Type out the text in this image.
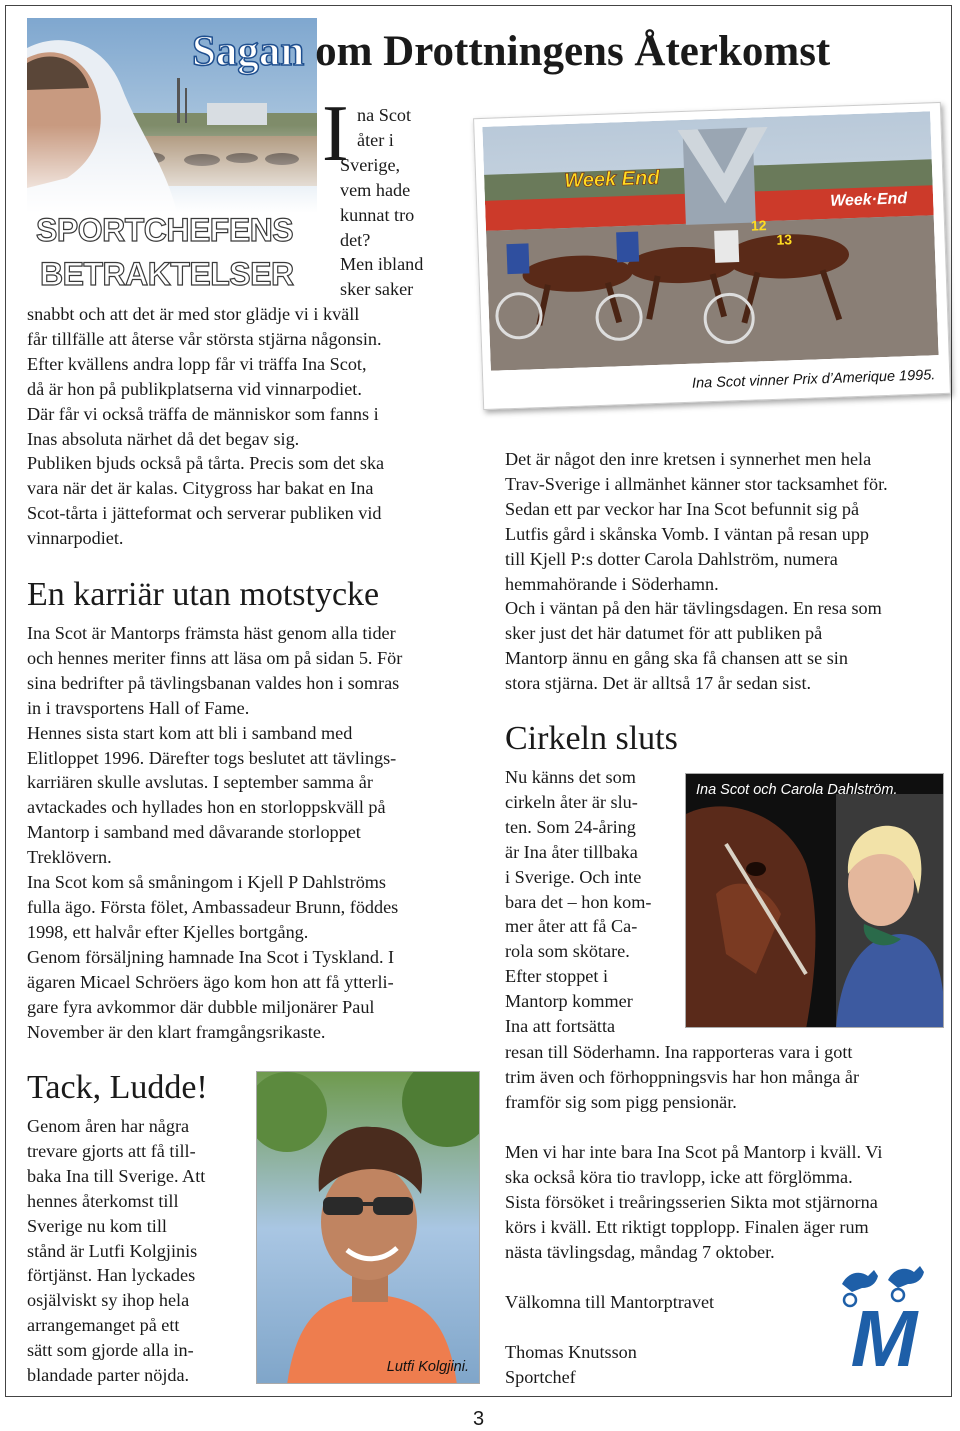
Sagan om Drottningens Återkomst
SPORTCHEFENS
BETRAKTELSER
I na Scot
åter i
Sverige,
vem hade
kunnat tro
det?
Men ibland
sker saker
snabbt och att det är med stor glädje vi i kväll
får tillfälle att återse vår största stjärna någonsin.
Efter kvällens andra lopp får vi träffa Ina Scot,
då är hon på publikplatserna vid vinnarpodiet.
Där får vi också träffa de människor som fanns i
Inas absoluta närhet då det begav sig.
Publiken bjuds också på tårta. Precis som det ska
vara när det är kalas. Citygross har bakat en Ina
Scot-tårta i jätteformat och serverar publiken vid
vinnarpodiet.
En karriär utan motstycke
Ina Scot är Mantorps främsta häst genom alla tider
och hennes meriter finns att läsa om på sidan 5. För
sina bedrifter på tävlingsbanan valdes hon i somras
in i travsportens Hall of Fame.
Hennes sista start kom att bli i samband med
Elitloppet 1996. Därefter togs beslutet att tävlings-
karriären skulle avslutas. I september samma år
avtackades och hyllades hon en storloppskväll på
Mantorp i samband med dåvarande storloppet
Treklövern.
Ina Scot kom så småningom i Kjell P Dahlströms
fulla ägo. Första fölet, Ambassadeur Brunn, föddes
1998, ett halvår efter Kjelles bortgång.
Genom försäljning hamnade Ina Scot i Tyskland. I
ägaren Micael Schröers ägo kom hon att få ytterli-
gare fyra avkommor där dubble miljonärer Paul
November är den klart framgångsrikaste.
Tack, Ludde!
Genom åren har några
trevare gjorts att få till-
baka Ina till Sverige. Att
hennes återkomst till
Sverige nu kom till
stånd är Lutfi Kolgjinis
förtjänst. Han lyckades
osjälviskt sy ihop hela
arrangemanget på ett
sätt som gjorde alla in-
blandade parter nöjda.	Lutfi Kolgjini.
Week End
Week·End
12
13
Ina Scot vinner Prix d’Amerique 1995.
Det är något den inre kretsen i synnerhet men hela
Trav-Sverige i allmänhet känner stor tacksamhet för.
Sedan ett par veckor har Ina Scot befunnit sig på
Lutfis gård i skånska Vomb. I väntan på resan upp
till Kjell P:s dotter Carola Dahlström, numera
hemmahörande i Söderhamn.
Och i väntan på den här tävlingsdagen. En resa som
sker just det här datumet för att publiken på
Mantorp ännu en gång ska få chansen att se sin
stora stjärna. Det är alltså 17 år sedan sist.
Cirkeln sluts
Nu känns det som
cirkeln åter är slu-
ten. Som 24-åring
är Ina åter tillbaka
i Sverige. Och inte
bara det – hon kom-
mer åter att få Ca-
rola som skötare.
Efter stoppet i
Mantorp kommer
Ina att fortsätta
Ina Scot och Carola Dahlström.
resan till Söderhamn. Ina rapporteras vara i gott
trim även och förhoppningsvis har hon många år
framför sig som pigg pensionär.
Men vi har inte bara Ina Scot på Mantorp i kväll. Vi
ska också köra tio travlopp, icke att förglömma.
Sista försöket i treåringsserien Sikta mot stjärnorna
körs i kväll. Ett riktigt topplopp. Finalen äger rum
nästa tävlingsdag, måndag 7 oktober.
Välkomna till Mantorptravet
Thomas Knutsson
Sportchef	M
3
